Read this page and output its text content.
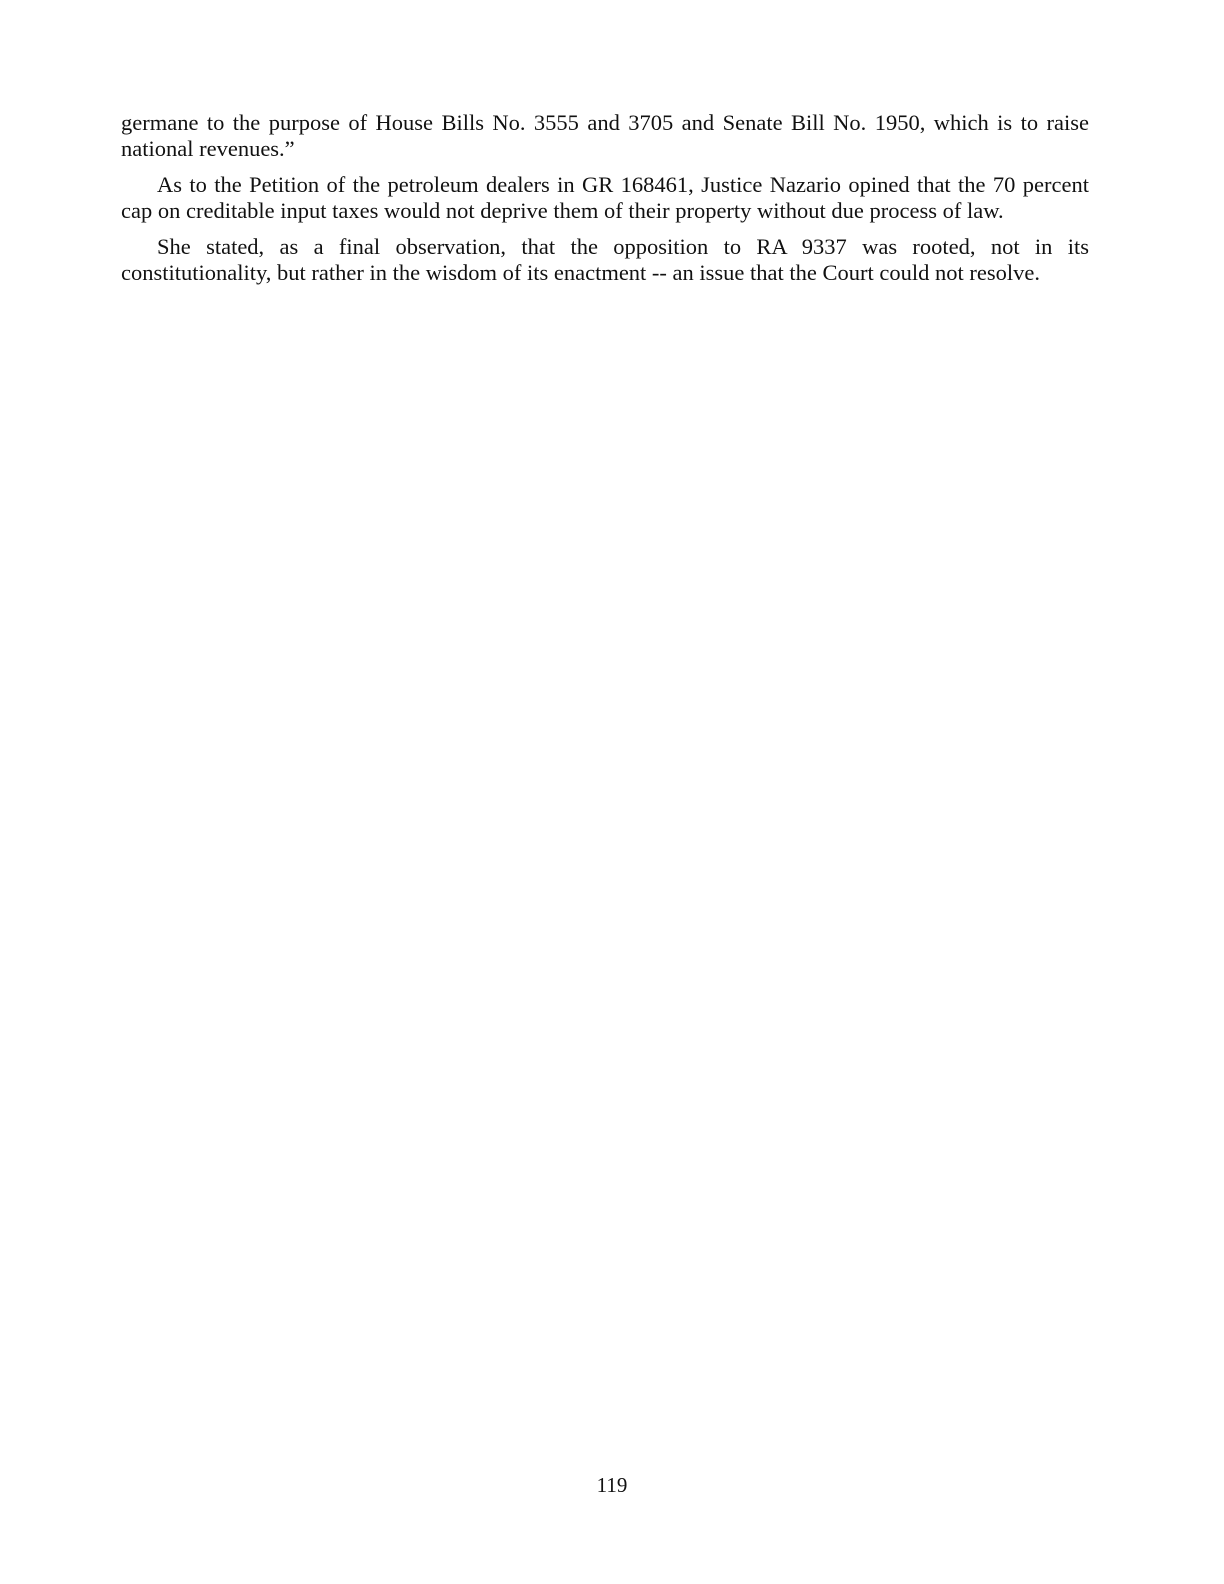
germane to the purpose of House Bills No. 3555 and 3705 and Senate Bill No. 1950, which is to raise national revenues.”

As to the Petition of the petroleum dealers in GR 168461, Justice Nazario opined that the 70 percent cap on creditable input taxes would not deprive them of their property without due process of law.

She stated, as a final observation, that the opposition to RA 9337 was rooted, not in its constitutionality, but rather in the wisdom of its enactment -- an issue that the Court could not resolve.

119
